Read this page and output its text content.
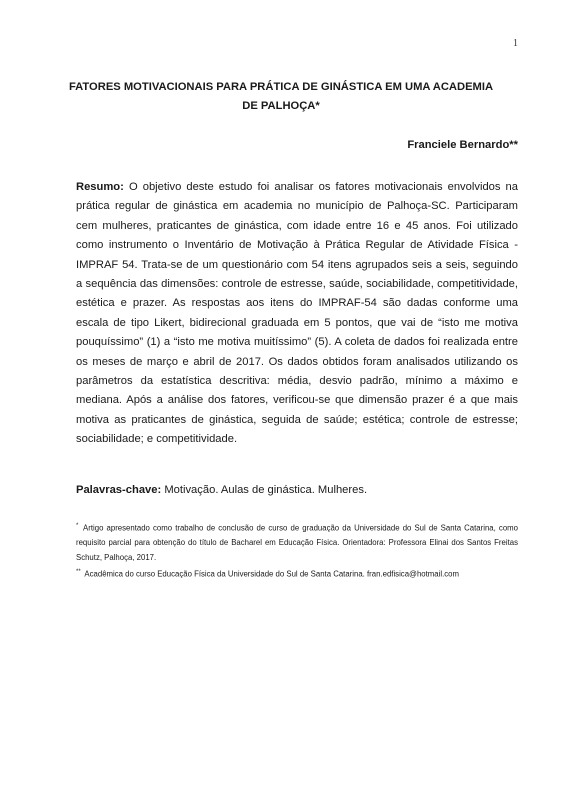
1
FATORES MOTIVACIONAIS PARA PRÁTICA DE GINÁSTICA EM UMA ACADEMIA DE PALHOÇA*
Franciele Bernardo**
Resumo: O objetivo deste estudo foi analisar os fatores motivacionais envolvidos na prática regular de ginástica em academia no município de Palhoça-SC. Participaram cem mulheres, praticantes de ginástica, com idade entre 16 e 45 anos. Foi utilizado como instrumento o Inventário de Motivação à Prática Regular de Atividade Física - IMPRAF 54. Trata-se de um questionário com 54 itens agrupados seis a seis, seguindo a sequência das dimensões: controle de estresse, saúde, sociabilidade, competitividade, estética e prazer. As respostas aos itens do IMPRAF-54 são dadas conforme uma escala de tipo Likert, bidirecional graduada em 5 pontos, que vai de “isto me motiva pouquíssimo” (1) a “isto me motiva muitíssimo” (5). A coleta de dados foi realizada entre os meses de março e abril de 2017. Os dados obtidos foram analisados utilizando os parâmetros da estatística descritiva: média, desvio padrão, mínimo a máximo e mediana. Após a análise dos fatores, verificou-se que dimensão prazer é a que mais motiva as praticantes de ginástica, seguida de saúde; estética; controle de estresse; sociabilidade; e competitividade.
Palavras-chave: Motivação. Aulas de ginástica. Mulheres.

* Artigo apresentado como trabalho de conclusão de curso de graduação da Universidade do Sul de Santa Catarina, como requisito parcial para obtenção do título de Bacharel em Educação Física. Orientadora: Professora Elinai dos Santos Freitas Schutz, Palhoça, 2017.

** Acadêmica do curso Educação Física da Universidade do Sul de Santa Catarina. fran.edfisica@hotmail.com
